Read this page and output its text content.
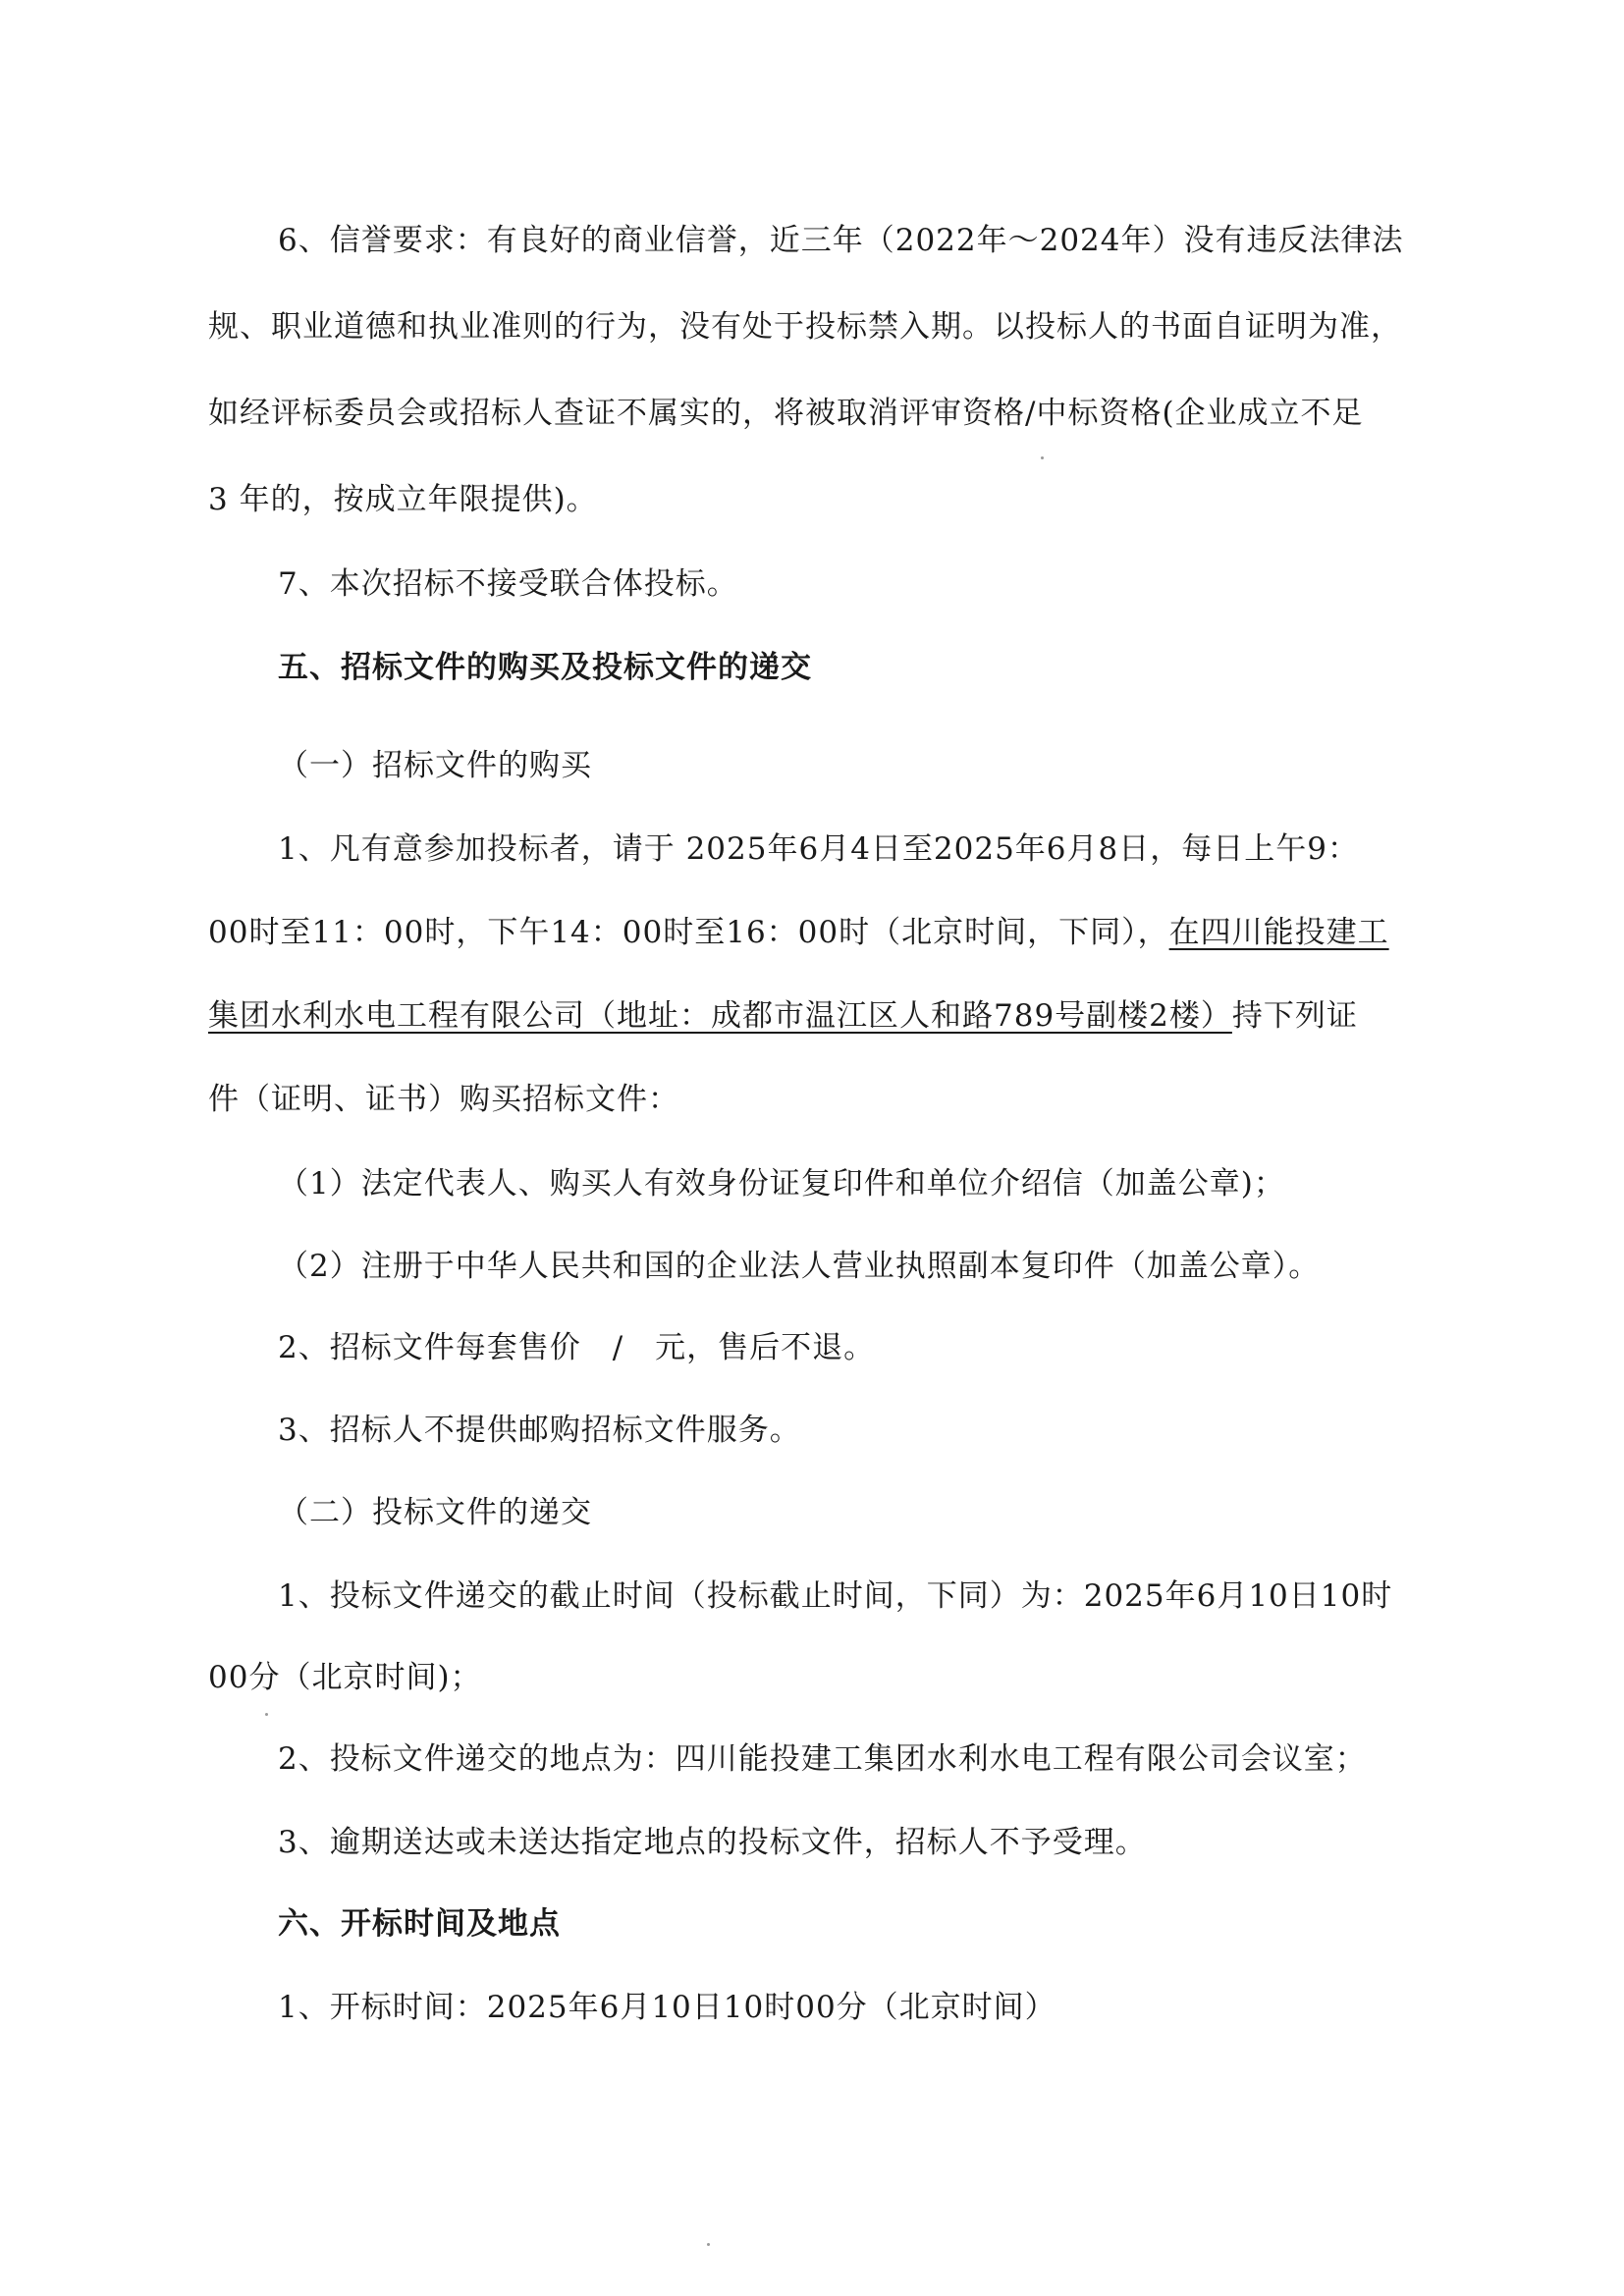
6、信誉要求：有良好的商业信誉，近三年（2022年～2024年）没有违反法律法
规、职业道德和执业准则的行为，没有处于投标禁入期。以投标人的书面自证明为准，
如经评标委员会或招标人查证不属实的，将被取消评审资格/中标资格(企业成立不足
3 年的，按成立年限提供)。
7、本次招标不接受联合体投标。
五、招标文件的购买及投标文件的递交
（一）招标文件的购买
1、凡有意参加投标者，请于 2025年6月4日至2025年6月8日，每日上午9：
00时至11：00时，下午14：00时至16：00时（北京时间，下同），在四川能投建工
集团水利水电工程有限公司（地址：成都市温江区人和路789号副楼2楼）持下列证
件（证明、证书）购买招标文件：
（1）法定代表人、购买人有效身份证复印件和单位介绍信（加盖公章)；
（2）注册于中华人民共和国的企业法人营业执照副本复印件（加盖公章）。
2、招标文件每套售价　/　元，售后不退。
3、招标人不提供邮购招标文件服务。
（二）投标文件的递交
1、投标文件递交的截止时间（投标截止时间，下同）为：2025年6月10日10时
00分（北京时间)；
2、投标文件递交的地点为：四川能投建工集团水利水电工程有限公司会议室；
3、逾期送达或未送达指定地点的投标文件，招标人不予受理。
六、开标时间及地点
1、开标时间：2025年6月10日10时00分（北京时间）
